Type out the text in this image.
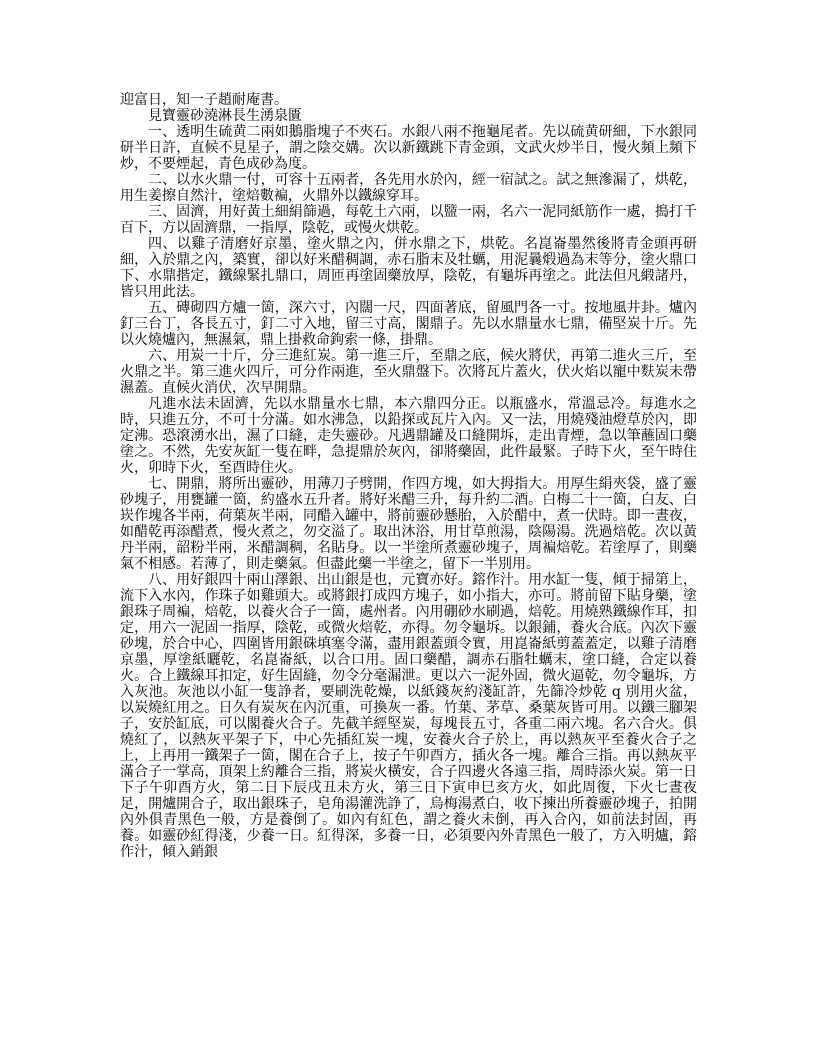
迎富日，知一子趙耐庵書。

見寶靈砂澆淋長生湧泉匱

一、透明生硫黄二兩如鵝脂塊子不夾石。水銀八兩不拖龜尾者。先以硫黄研細，下水銀同研半日許，直候不見星子，謂之陰交媾。次以新鐵跳下青金頭，文武火炒半日，慢火頻上頻下炒，不要煙起，青色成砂為度。

二、以水火鼎一付，可容十五兩者，各先用水於內，經一宿試之。試之無滲漏了，烘乾，用生姜擦自然汁，塗焙數褊，火鼎外以鐵線穿耳。

三、固濟，用好黃土細絹篩過，每乾土六兩，以盬一兩，名六一泥同紙筋作一處，搗打千百下，方以固濟鼎，一指厚，陰乾，或慢火烘乾。

四、以雞子清磨好京墨，塗火鼎之內，併水鼎之下，烘乾。名崑崙墨然後將青金頭再研細，入於鼎之內，築實，卻以好米醋稠調，赤石脂末及牡蠣，用泥曩煅過為末等分，塗火鼎口下、水鼎揩定，鐵線緊扎鼎口，周匝再塗固藥放厚，陰乾，有龜坼再塗之。此法但凡緞諸丹，皆只用此法。

五、磚砌四方爐一箇，深六寸，內闊一尺，四面著底，留風門各一寸。按地風井卦。爐內釘三台丁，各長五寸，釘二寸入地，留三寸高，閣鼎子。先以水鼎量水七鼎，備堅炭十斤。先以火燒爐內，無濕氣，鼎上掛救命鉤索一條，掛鼎。

六、用炭一十斤，分三進紅炭。第一進三斤，至鼎之底，候火將伏，再第二進火三斤，至火鼎之半。第三進火四斤，可分作兩進，至火鼎盤下。次將瓦片蓋火，伏火焰以寵中麩炭未帶濕蓋。直候火消伏，次早開鼎。

凡進水法未固濟，先以水鼎量水七鼎，本六鼎四分正。以瓶盛水，常溫忌冷。每進水之時，只進五分，不可十分滿。如水沸急，以鉛探或瓦片入內。又一法，用燒殘油燈草於內，即定沸。恐滾湧水出，濕了口縫，走失靈砂。凡遇鼎罐及口縫開坼，走出青煙，急以筆蘸固口藥塗之。不然，先安灰缸一隻在畔，急提鼎於灰內，卻將藥固，此件最緊。子時下火，至午時住火，卯時下火，至酉時住火。

七、開鼎，將所出靈砂，用薄刀子劈開，作四方塊，如大拇指大。用厚生絹夾袋，盛了靈砂塊子，用甕罐一箇，約盛水五升者。將好米醋三升，每升約二酒。白梅二十一箇，白友、白崁作塊各半兩，荷葉灰半兩，同醋入罐中，將前靈砂懸胎，入於醋中，煮一伏時。即一晝夜，如醋乾再添醋煮，慢火煮之，勿交溢了。取出沐浴，用甘草煎湯，陰陽湯。洗過焙乾。次以黃丹半兩，韶粉半兩，米醋調稠，名貼身。以一半塗所煮靈砂塊子，周褊焙乾。若塗厚了，則藥氣不相感。若薄了，則走藥氣。但盡此藥一半塗之，留下一半別用。

八、用好銀四十兩山澤銀、出山銀是也，元寶亦好。鎔作汁。用水缸一隻，傾于掃第上，流下入水內，作珠子如雞頭大。或將銀打成四方塊子，如小指大，亦可。將前留下貼身藥，塗銀珠子周褊，焙乾，以養火合子一箇，處州者。內用硼砂水刷過，焙乾。用燒熟鐵線作耳，扣定，用六一泥固一指厚，陰乾，或微火焙乾，亦得。勿令龜坼。以銀鋪，養火合底。內次下靈砂塊，於合中心，四圍皆用銀硃填塞令滿，盡用銀蓋頭令實，用崑崙紙剪蓋蓋定，以雞子清磨京墨，厚塗紙曬乾，名崑崙紙，以合口用。固口藥醋，調赤石脂牡蠣末，塗口縫，合定以養火。合上鐵線耳扣定，好生固縫，勿令分毫漏泄。更以六一泥外固，微火逼乾，勿令龜坼，方入灰池。灰池以小缸一隻諍者，要刷洗乾燥，以紙錢灰約淺缸許，先篩冷炒乾 q 別用火盆，以炭燒紅用之。日久有炭灰在內沉重，可換灰一番。竹葉、茅草、桑葉灰皆可用。以鐵三腳架子，安於缸底，可以閣養火合子。先截羊經堅炭，每塊長五寸，各重二兩六塊。名六合火。俱燒紅了，以熱灰平架子下，中心先插紅炭一塊，安養火合子於上，再以熱灰平至養火合子之上，上再用一鐵架子一箇，閣在合子上，按子午卯酉方，插火各一塊。離合三指。再以熱灰平滿合子一掌高，頂架上約離合三指，將炭火橫安，合子四邊火各遠三指，周時添火炭。第一日下子午卯酉方火，第二日下辰戌丑未方火，第三日下寅申巳亥方火，如此周復，下火七晝夜足，開爐開合子，取出銀珠子，皂角湯灌洗諍了，烏梅湯煮白，收下揀出所養靈砂塊子，拍開內外俱青黑色一般，方是養倒了。如內有紅色，謂之養火未倒，再入合內，如前法封固，再養。如靈砂紅得淺，少養一日。紅得深，多養一日，必須要內外青黑色一般了，方入明爐，鎔作汁，傾入銷銀
